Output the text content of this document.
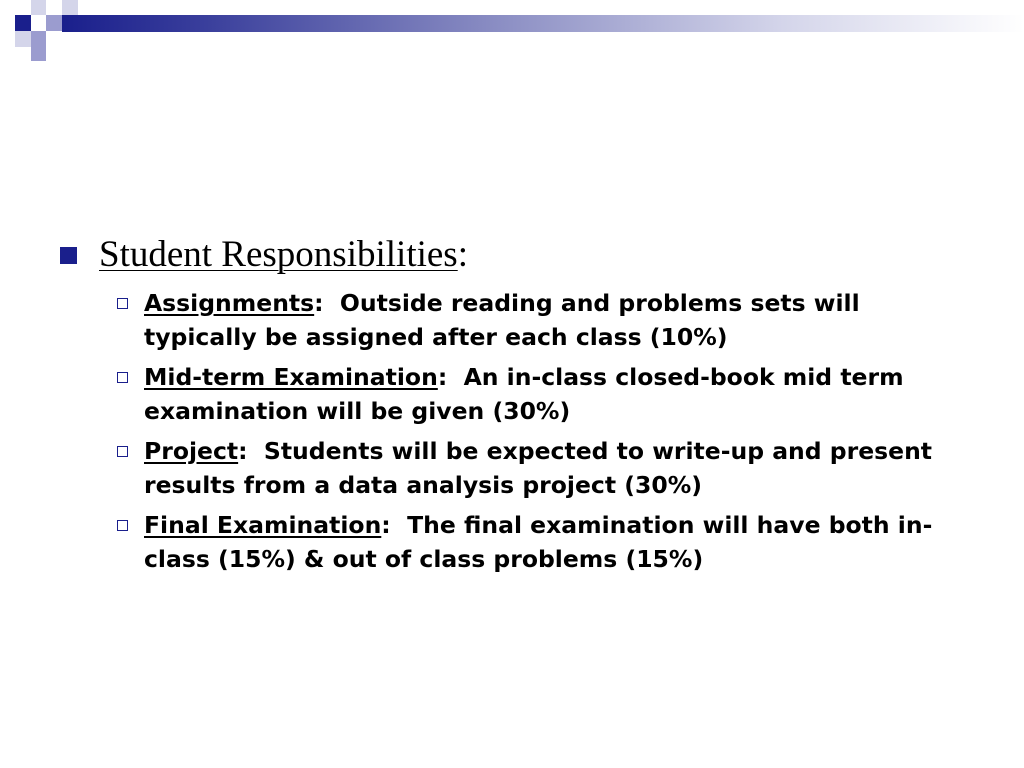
Student Responsibilities:
Assignments:  Outside reading and problems sets will typically be assigned after each class (10%)
Mid-term Examination:  An in-class closed-book mid term examination will be given (30%)
Project:  Students will be expected to write-up and present results from a data analysis project (30%)
Final Examination:  The final examination will have both in-class (15%) & out of class problems (15%)
